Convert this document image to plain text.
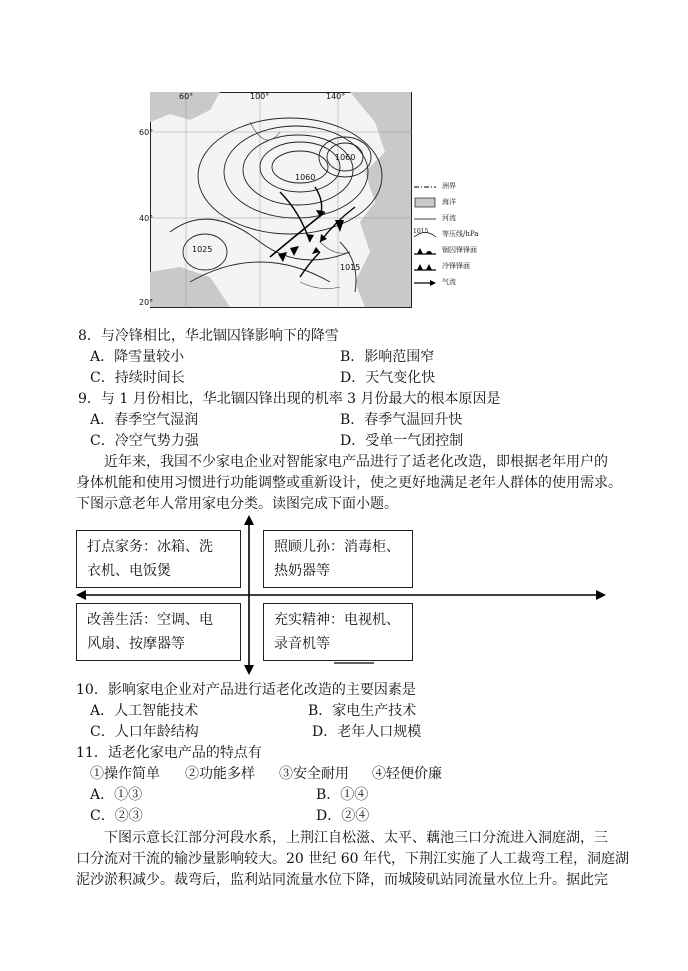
60°	100°	140°
60°
40°
20°
1060
1060
1025
1015
洲界
海洋
河流
1015 等压线/hPa
锢囚锋锋面
冷锋锋面
气流
8．与冷锋相比，华北锢囚锋影响下的降雪
A．降雪量较小	B．影响范围窄
C．持续时间长	D．天气变化快
9．与 1 月份相比，华北锢囚锋出现的机率 3 月份最大的根本原因是
A．春季空气湿润	B．春季气温回升快
C．冷空气势力强	D．受单一气团控制
近年来，我国不少家电企业对智能家电产品进行了适老化改造，即根据老年用户的
身体机能和使用习惯进行功能调整或重新设计，使之更好地满足老年人群体的使用需求。
下图示意老年人常用家电分类。读图完成下面小题。
打点家务：冰箱、洗
衣机、电饭煲
照顾儿孙：消毒柜、
热奶器等
改善生活：空调、电
风扇、按摩器等
充实精神：电视机、
录音机等
10．影响家电企业对产品进行适老化改造的主要因素是
A．人工智能技术	B．家电生产技术
C．人口年龄结构	D．老年人口规模
11．适老化家电产品的特点有
①操作简单 ②功能多样 ③安全耐用 ④轻便价廉
A．①③	B．①④
C．②③	D．②④
下图示意长江部分河段水系，上荆江自松滋、太平、藕池三口分流进入洞庭湖，三
口分流对干流的输沙量影响较大。20 世纪 60 年代，下荆江实施了人工裁弯工程，洞庭湖
泥沙淤积减少。裁弯后，监利站同流量水位下降，而城陵矶站同流量水位上升。据此完
